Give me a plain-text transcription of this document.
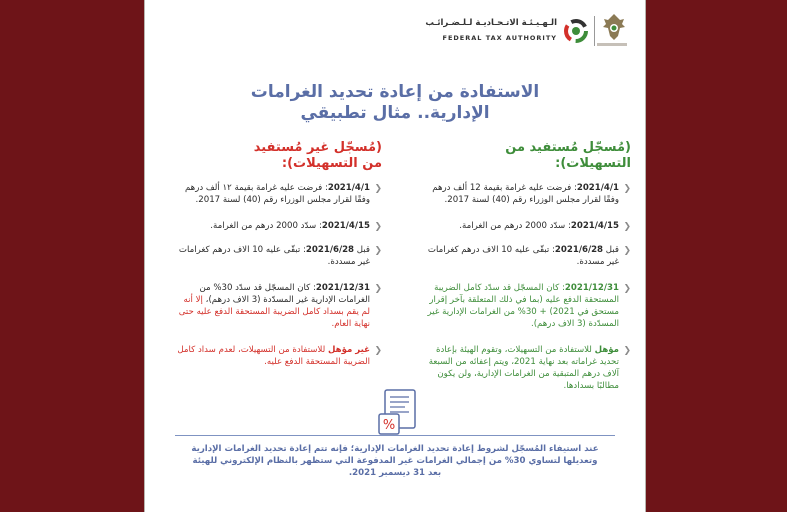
الـهـيـئـة الاتـحـاديـة لـلـضـرائـب
FEDERAL TAX AUTHORITY
الاستفادة من إعادة تحديد الغرامات
الإدارية.. مثال تطبيقي
(مُسجّل مُستفيد من
التسهيلات):
❮
2021/4/1: فرضت عليه غرامة بقيمة 12 ألف درهم وفقًا لقرار مجلس الوزراء رقم (40) لسنة 2017.
❮
2021/4/15: سدّد 2000 درهم من الغرامة.
❮
قبل 2021/6/28: تبقّى عليه 10 الاف درهم كغرامات غير مسددة.
❮
2021/12/31: كان المسجّل قد سدّد كامل الضريبة المستحقة الدفع عليه (بما في ذلك المتعلقة بآخر إقرار مستحق في 2021) + 30% من الغرامات الإدارية غير المسدّدة (3 الاف درهم).
❮
مؤهل للاستفادة من التسهيلات، وتقوم الهيئة بإعادة تحديد غراماته بعد نهاية 2021، ويتم إعفائه من السبعة آلاف درهم المتبقية من الغرامات الإدارية، ولن يكون مطالبًا بسدادها.
(مُسجّل غير مُستفيد
من التسهيلات):
❮
2021/4/1: فرضت عليه غرامة بقيمة ١٢ ألف درهم وفقًا لقرار مجلس الوزراء رقم (40) لسنة 2017.
❮
2021/4/15: سدّد 2000 درهم من الغرامة.
❮
قبل 2021/6/28: تبقّى عليه 10 الاف درهم كغرامات غير مسددة.
❮
2021/12/31: كان المسجّل قد سدّد 30% من الغرامات الإدارية غير المسدّدة (3 الاف درهم)، إلا أنه لم يقم بسداد كامل الضريبة المستحقة الدفع عليه حتى نهاية العام.
❮
غير مؤهل للاستفادة من التسهيلات، لعدم سداد كامل الضريبة المستحقة الدفع عليه.
%
عند استيفاء المُسجّل لشروط إعادة تحديد الغرامات الإدارية؛ فإنه تتم إعادة تحديد الغرامات الإدارية وتعديلها لتساوي 30% من إجمالي الغرامات غير المدفوعة التي ستظهر بالنظام الإلكتروني للهيئة بعد 31 ديسمبر 2021.
